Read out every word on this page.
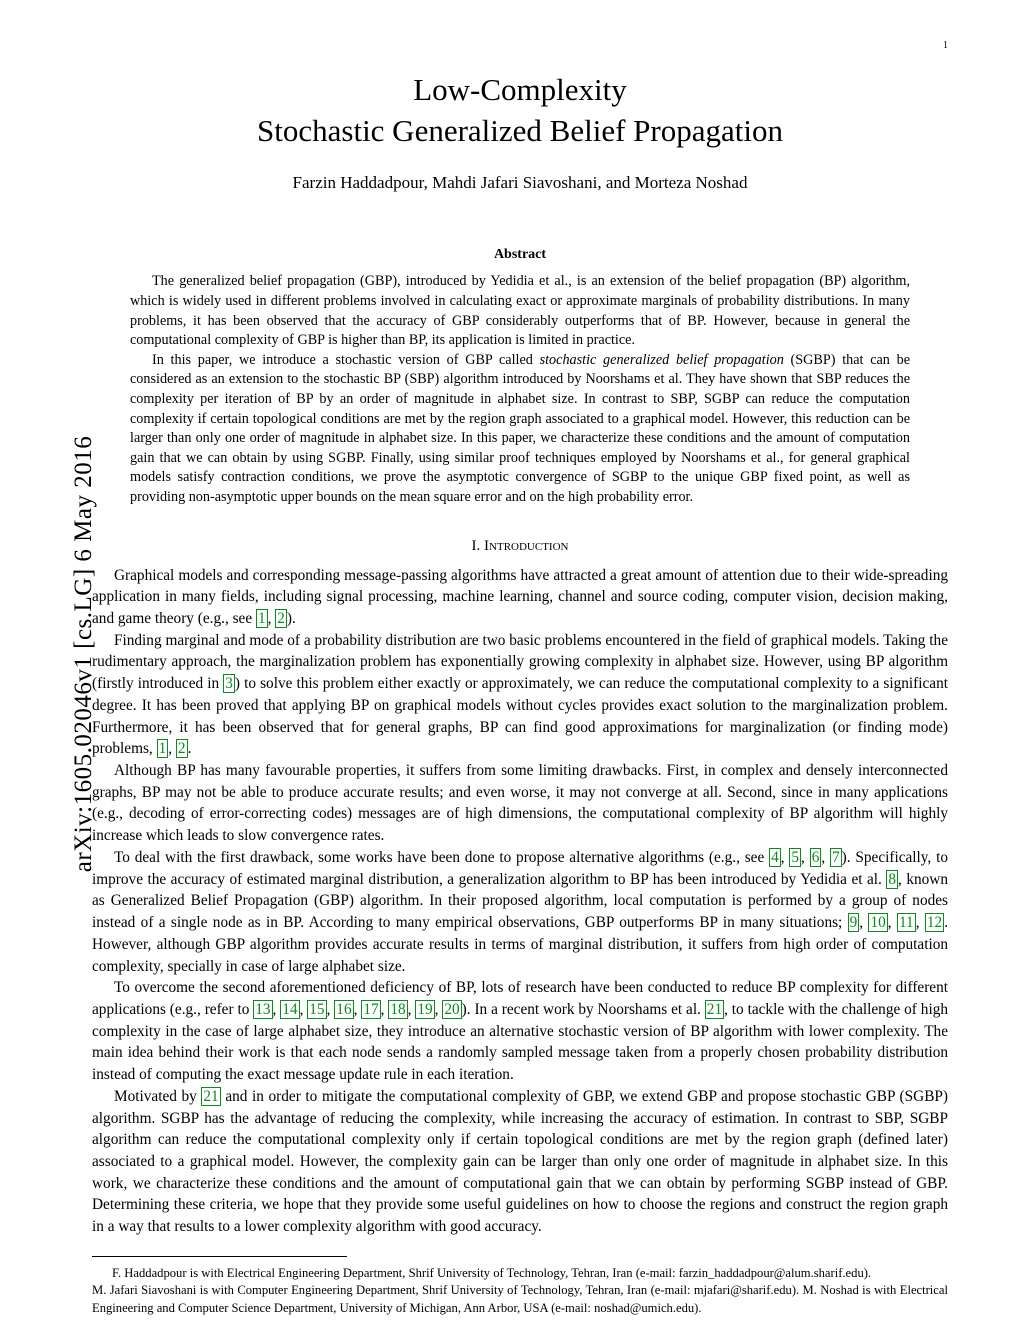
arXiv:1605.02046v1 [cs.LG] 6 May 2016
1
Low-Complexity
Stochastic Generalized Belief Propagation
Farzin Haddadpour, Mahdi Jafari Siavoshani, and Morteza Noshad
Abstract

The generalized belief propagation (GBP), introduced by Yedidia et al., is an extension of the belief propagation (BP) algorithm, which is widely used in different problems involved in calculating exact or approximate marginals of probability distributions. In many problems, it has been observed that the accuracy of GBP considerably outperforms that of BP. However, because in general the computational complexity of GBP is higher than BP, its application is limited in practice.

In this paper, we introduce a stochastic version of GBP called stochastic generalized belief propagation (SGBP) that can be considered as an extension to the stochastic BP (SBP) algorithm introduced by Noorshams et al. They have shown that SBP reduces the complexity per iteration of BP by an order of magnitude in alphabet size. In contrast to SBP, SGBP can reduce the computation complexity if certain topological conditions are met by the region graph associated to a graphical model. However, this reduction can be larger than only one order of magnitude in alphabet size. In this paper, we characterize these conditions and the amount of computation gain that we can obtain by using SGBP. Finally, using similar proof techniques employed by Noorshams et al., for general graphical models satisfy contraction conditions, we prove the asymptotic convergence of SGBP to the unique GBP fixed point, as well as providing non-asymptotic upper bounds on the mean square error and on the high probability error.

I. Introduction

Graphical models and corresponding message-passing algorithms have attracted a great amount of attention due to their wide-spreading application in many fields, including signal processing, machine learning, channel and source coding, computer vision, decision making, and game theory (e.g., see 1 , 2 ).

Finding marginal and mode of a probability distribution are two basic problems encountered in the field of graphical models. Taking the rudimentary approach, the marginalization problem has exponentially growing complexity in alphabet size. However, using BP algorithm (firstly introduced in 3 ) to solve this problem either exactly or approximately, we can reduce the computational complexity to a significant degree. It has been proved that applying BP on graphical models without cycles provides exact solution to the marginalization problem. Furthermore, it has been observed that for general graphs, BP can find good approximations for marginalization (or finding mode) problems, 1 , 2 .

Although BP has many favourable properties, it suffers from some limiting drawbacks. First, in complex and densely interconnected graphs, BP may not be able to produce accurate results; and even worse, it may not converge at all. Second, since in many applications (e.g., decoding of error-correcting codes) messages are of high dimensions, the computational complexity of BP algorithm will highly increase which leads to slow convergence rates.

To deal with the first drawback, some works have been done to propose alternative algorithms (e.g., see 4 , 5 , 6 , 7 ). Specifically, to improve the accuracy of estimated marginal distribution, a generalization algorithm to BP has been introduced by Yedidia et al. 8 , known as Generalized Belief Propagation (GBP) algorithm. In their proposed algorithm, local computation is performed by a group of nodes instead of a single node as in BP. According to many empirical observations, GBP outperforms BP in many situations; 9 , 10 , 11 , 12 . However, although GBP algorithm provides accurate results in terms of marginal distribution, it suffers from high order of computation complexity, specially in case of large alphabet size.

To overcome the second aforementioned deficiency of BP, lots of research have been conducted to reduce BP complexity for different applications (e.g., refer to 13 , 14 , 15 , 16 , 17 , 18 , 19 , 20 ). In a recent work by Noorshams et al. 21 , to tackle with the challenge of high complexity in the case of large alphabet size, they introduce an alternative stochastic version of BP algorithm with lower complexity. The main idea behind their work is that each node sends a randomly sampled message taken from a properly chosen probability distribution instead of computing the exact message update rule in each iteration.

Motivated by 21 and in order to mitigate the computational complexity of GBP, we extend GBP and propose stochastic GBP (SGBP) algorithm. SGBP has the advantage of reducing the complexity, while increasing the accuracy of estimation. In contrast to SBP, SGBP algorithm can reduce the computational complexity only if certain topological conditions are met by the region graph (defined later) associated to a graphical model. However, the complexity gain can be larger than only one order of magnitude in alphabet size. In this work, we characterize these conditions and the amount of computational gain that we can obtain by performing SGBP instead of GBP. Determining these criteria, we hope that they provide some useful guidelines on how to choose the regions and construct the region graph in a way that results to a lower complexity algorithm with good accuracy.

F. Haddadpour is with Electrical Engineering Department, Shrif University of Technology, Tehran, Iran (e-mail: farzin_haddadpour@alum.sharif.edu).

M. Jafari Siavoshani is with Computer Engineering Department, Shrif University of Technology, Tehran, Iran (e-mail: mjafari@sharif.edu). M. Noshad is with Electrical Engineering and Computer Science Department, University of Michigan, Ann Arbor, USA (e-mail: noshad@umich.edu).
